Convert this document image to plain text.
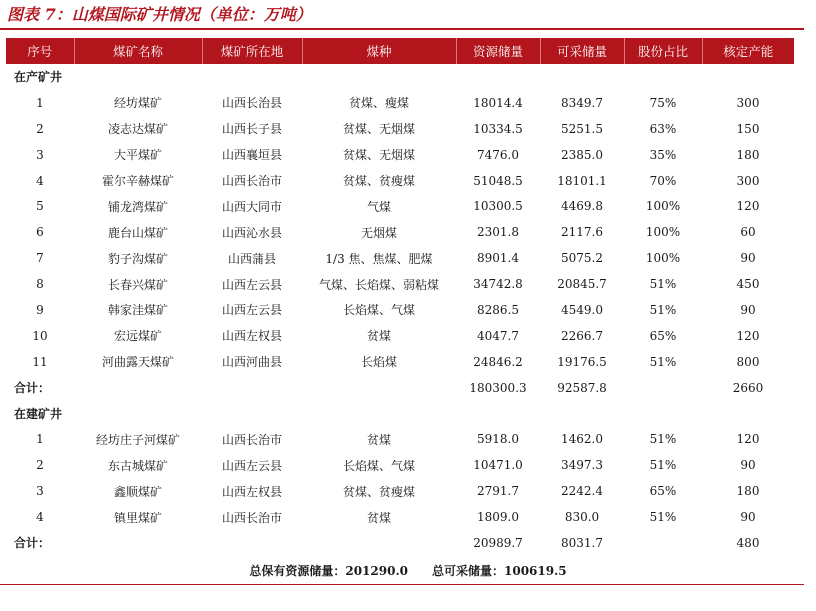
图表 7：山煤国际矿井情况（单位：万吨）
序号	煤矿名称	煤矿所在地	煤种	资源储量	可采储量	股份占比	核定产能
在产矿井							
1	经坊煤矿	山西长治县	贫煤、瘦煤	18014.4	8349.7	75%	300
2	凌志达煤矿	山西长子县	贫煤、无烟煤	10334.5	5251.5	63%	150
3	大平煤矿	山西襄垣县	贫煤、无烟煤	7476.0	2385.0	35%	180
4	霍尔辛赫煤矿	山西长治市	贫煤、贫瘦煤	51048.5	18101.1	70%	300
5	铺龙湾煤矿	山西大同市	气煤	10300.5	4469.8	100%	120
6	鹿台山煤矿	山西沁水县	无烟煤	2301.8	2117.6	100%	60
7	豹子沟煤矿	山西蒲县	1/3 焦、焦煤、肥煤	8901.4	5075.2	100%	90
8	长春兴煤矿	山西左云县	气煤、长焰煤、弱粘煤	34742.8	20845.7	51%	450
9	韩家洼煤矿	山西左云县	长焰煤、气煤	8286.5	4549.0	51%	90
10	宏远煤矿	山西左权县	贫煤	4047.7	2266.7	65%	120
11	河曲露天煤矿	山西河曲县	长焰煤	24846.2	19176.5	51%	800
合计：				180300.3	92587.8		2660
在建矿井							
1	经坊庄子河煤矿	山西长治市	贫煤	5918.0	1462.0	51%	120
2	东古城煤矿	山西左云县	长焰煤、气煤	10471.0	3497.3	51%	90
3	鑫顺煤矿	山西左权县	贫煤、贫瘦煤	2791.7	2242.4	65%	180
4	镇里煤矿	山西长治市	贫煤	1809.0	830.0	51%	90
合计：				20989.7	8031.7		480
总保有资源储量：201290.0 总可采储量：100619.5
